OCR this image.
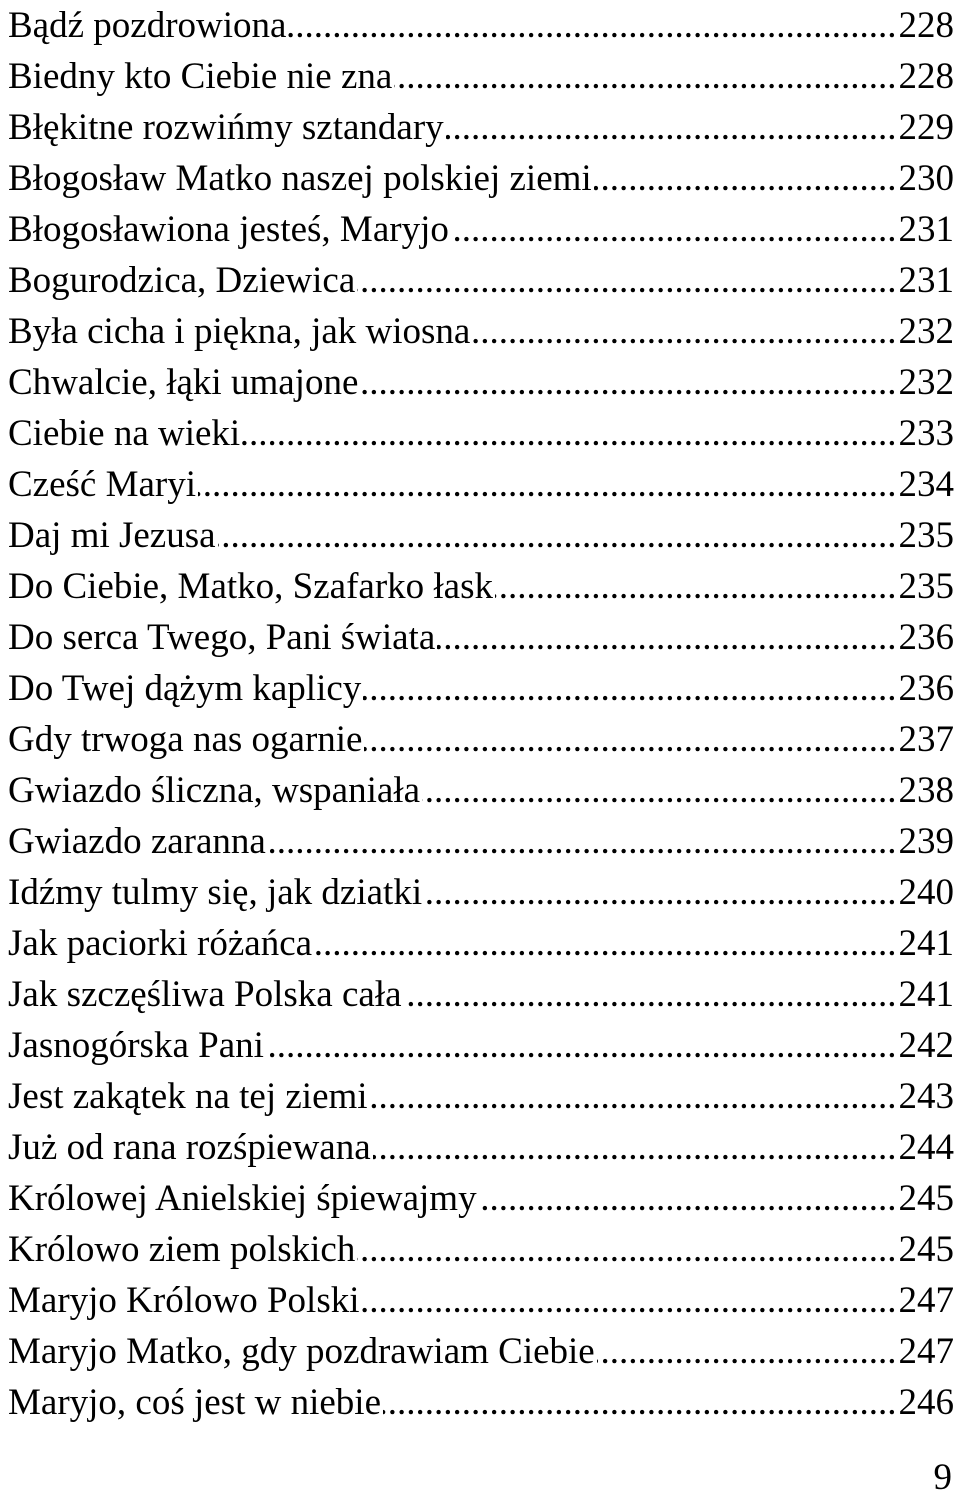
Bądź pozdrowiona .....	228
Biedny kto Ciebie nie zna .....	228
Błękitne rozwińmy sztandary .....	229
Błogosław Matko naszej polskiej ziemi .....	230
Błogosławiona jesteś, Maryjo .....	231
Bogurodzica, Dziewica .....	231
Była cicha i piękna, jak wiosna .....	232
Chwalcie, łąki umajone .....	232
Ciebie na wieki .....	233
Cześć Maryi .....	234
Daj mi Jezusa .....	235
Do Ciebie, Matko, Szafarko łask .....	235
Do serca Twego, Pani świata .....	236
Do Twej dążym kaplicy .....	236
Gdy trwoga nas ogarnie .....	237
Gwiazdo śliczna, wspaniała .....	238
Gwiazdo zaranna .....	239
Idźmy tulmy się, jak dziatki .....	240
Jak paciorki różańca .....	241
Jak szczęśliwa Polska cała .....	241
Jasnogórska Pani .....	242
Jest zakątek na tej ziemi .....	243
Już od rana rozśpiewana .....	244
Królowej Anielskiej śpiewajmy .....	245
Królowo ziem polskich .....	245
Maryjo Królowo Polski .....	247
Maryjo Matko, gdy pozdrawiam Ciebie .....	247
Maryjo, coś jest w niebie .....	246
9
